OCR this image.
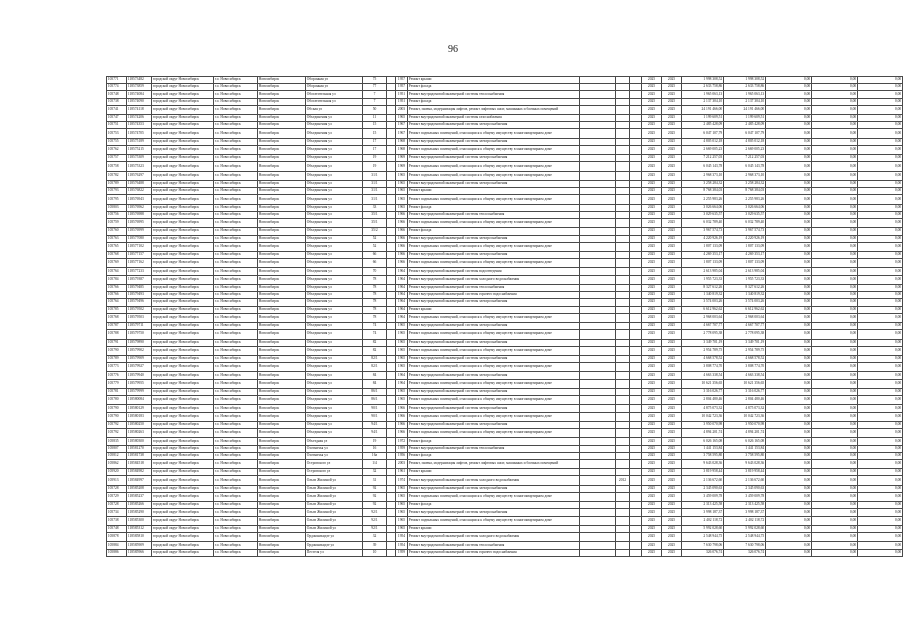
96
105771	118573482	городской округ Новосибирск	г.о. Новосибирск	Новосибирск	Оборонная ул	75		1957	Ремонт крыши				2025	2025	1 998 308,52	1 998 308,52	0,00	0,00	0,00
105774	118573859	городской округ Новосибирск	г.о. Новосибирск	Новосибирск	Оборонная ул	77		1957	Ремонт фасада				2025	2025	2 633 758,86	2 633 758,86	0,00	0,00	0,00
105748	118574084	городской округ Новосибирск	г.о. Новосибирск	Новосибирск	Обогатительная ул	7		1951	Ремонт внутридомовой инженерной системы теплоснабжения				2025	2025	1 965 063,13	1 965 063,13	0,00	0,00	0,00
105738	118574090	городской округ Новосибирск	г.о. Новосибирск	Новосибирск	Обогатительная ул	7		1951	Ремонт фасада				2025	2025	2 137 304,10	2 137 304,10	0,00	0,00	0,00
105741	118574118	городской округ Новосибирск	г.о. Новосибирск	Новосибирск	Обская ул	50		2003	Ремонт, замена, модернизация лифтов, ремонт лифтовых шахт, машинных и блочных помещений				2025	2025	24 191 466,00	24 191 466,00	0,00	0,00	0,00
105747	118574206	городской округ Новосибирск	г.о. Новосибирск	Новосибирск	Объединения ул	11		1965	Ремонт внутридомовой инженерной системы газоснабжения				2025	2025	1 199 609,51	1 199 609,51	0,00	0,00	0,00
105751	118574353	городской округ Новосибирск	г.о. Новосибирск	Новосибирск	Объединения ул	15		1967	Ремонт внутридомовой инженерной системы электроснабжения				2025	2025	2 485 428,09	2 485 428,09	0,00	0,00	0,00
105753	118574705	городской округ Новосибирск	г.о. Новосибирск	Новосибирск	Объединения ул	15		1967	Ремонт подвальных помещений, относящихся к общему имуществу в многоквартирном доме				2025	2025	6 047 107,79	6 047 107,79	0,00	0,00	0,00
105755	118575189	городской округ Новосибирск	г.о. Новосибирск	Новосибирск	Объединения ул	17		1968	Ремонт внутридомовой инженерной системы электроснабжения				2025	2025	4 805 012,18	4 805 012,18	0,00	0,00	0,00
105762	118575215	городской округ Новосибирск	г.о. Новосибирск	Новосибирск	Объединения ул	17		1968	Ремонт подвальных помещений, относящихся к общему имуществу в многоквартирном доме				2025	2025	2 669 005,23	2 669 005,23	0,00	0,00	0,00
105757	118575309	городской округ Новосибирск	г.о. Новосибирск	Новосибирск	Объединения ул	19		1969	Ремонт внутридомовой инженерной системы электроснабжения				2025	2025	7 212 257,03	7 212 257,03	0,00	0,00	0,00
105758	118575323	городской округ Новосибирск	г.о. Новосибирск	Новосибирск	Объединения ул	19		1969	Ремонт подвальных помещений, относящихся к общему имуществу в многоквартирном доме				2025	2025	6 045 143,78	6 045 143,78	0,00	0,00	0,00
105782	118576297	городской округ Новосибирск	г.о. Новосибирск	Новосибирск	Объединения ул	31/1		1965	Ремонт подвальных помещений, относящихся к общему имуществу в многоквартирном доме				2025	2025	2 968 373,10	2 968 373,10	0,00	0,00	0,00
105789	118576488	городской округ Новосибирск	г.о. Новосибирск	Новосибирск	Объединения ул	31/1		1965	Ремонт внутридомовой инженерной системы электроснабжения				2025	2025	3 258 284,32	3 258 284,32	0,00	0,00	0,00
105793	118576822	городской округ Новосибирск	г.о. Новосибирск	Новосибирск	Объединения ул	31/1		1965	Ремонт крыши				2025	2025	8 768 384,03	8 768 384,03	0,00	0,00	0,00
105795	118576943	городской округ Новосибирск	г.о. Новосибирск	Новосибирск	Объединения ул	31/1		1965	Ремонт подвальных помещений, относящихся к общему имуществу в многоквартирном доме				2025	2025	2 255 983,26	2 255 983,26	0,00	0,00	0,00
105803	118576962	городской округ Новосибирск	г.о. Новосибирск	Новосибирск	Объединения ул	33		1965	Ремонт фасада				2025	2025	3 026 664,06	3 026 664,06	0,00	0,00	0,00
105756	118576988	городской округ Новосибирск	г.о. Новосибирск	Новосибирск	Объединения ул	35/1		1966	Ремонт внутридомовой инженерной системы теплоснабжения				2025	2025	3 029 635,57	3 029 635,57	0,00	0,00	0,00
105759	118576995	городской округ Новосибирск	г.о. Новосибирск	Новосибирск	Объединения ул	35/1		1966	Ремонт подвальных помещений, относящихся к общему имуществу в многоквартирном доме				2025	2025	6 032 789,40	6 032 789,40	0,00	0,00	0,00
105760	118576999	городской округ Новосибирск	г.о. Новосибирск	Новосибирск	Объединения ул	35/2		1966	Ремонт фасада				2025	2025	3 967 574,73	3 967 574,73	0,00	0,00	0,00
105763	118577080	городской округ Новосибирск	г.о. Новосибирск	Новосибирск	Объединения ул	52		1966	Ремонт внутридомовой инженерной системы электроснабжения				2025	2025	4 220 926,19	4 220 926,19	0,00	0,00	0,00
105765	118577102	городской округ Новосибирск	г.о. Новосибирск	Новосибирск	Объединения ул	52		1966	Ремонт подвальных помещений, относящихся к общему имуществу в многоквартирном доме				2025	2025	1 807 133,09	1 807 133,09	0,00	0,00	0,00
105768	118577157	городской округ Новосибирск	г.о. Новосибирск	Новосибирск	Объединения ул	66		1966	Ремонт внутридомовой инженерной системы электроснабжения				2025	2025	4 269 353,17	4 269 353,17	0,00	0,00	0,00
105769	118577162	городской округ Новосибирск	г.о. Новосибирск	Новосибирск	Объединения ул	66		1966	Ремонт подвальных помещений, относящихся к общему имуществу в многоквартирном доме				2025	2025	1 807 133,09	1 807 133,09	0,00	0,00	0,00
105764	118577233	городской округ Новосибирск	г.о. Новосибирск	Новосибирск	Объединения ул	70		1964	Ремонт внутридомовой инженерной системы водоотведения				2025	2025	2 613 985,04	2 613 985,04	0,00	0,00	0,00
105784	118579387	городской округ Новосибирск	г.о. Новосибирск	Новосибирск	Объединения ул	78		1964	Ремонт внутридомовой инженерной системы холодного водоснабжения				2025	2025	1 955 723,33	1 955 723,33	0,00	0,00	0,00
105766	118579485	городской округ Новосибирск	г.о. Новосибирск	Новосибирск	Объединения ул	78		1964	Ремонт внутридомовой инженерной системы теплоснабжения				2025	2025	8 327 612,26	8 327 612,26	0,00	0,00	0,00
105766	118579493	городской округ Новосибирск	г.о. Новосибирск	Новосибирск	Объединения ул	78		1964	Ремонт внутридомовой инженерной системы горячего водоснабжения				2025	2025	1 340 819,32	1 340 819,32	0,00	0,00	0,00
105764	118579496	городской округ Новосибирск	г.о. Новосибирск	Новосибирск	Объединения ул	78		1964	Ремонт внутридомовой инженерной системы электроснабжения				2025	2025	3 574 003,26	3 574 003,26	0,00	0,00	0,00
105785	118579502	городской округ Новосибирск	г.о. Новосибирск	Новосибирск	Объединения ул	78		1964	Ремонт крыши				2025	2025	6 612 962,62	6 612 962,62	0,00	0,00	0,00
105768	118579503	городской округ Новосибирск	г.о. Новосибирск	Новосибирск	Объединения ул	78		1964	Ремонт подвальных помещений, относящихся к общему имуществу в многоквартирном доме				2025	2025	2 968 003,64	2 968 003,64	0,00	0,00	0,00
105787	118579711	городской округ Новосибирск	г.о. Новосибирск	Новосибирск	Объединения ул	74		1965	Ремонт внутридомовой инженерной системы электроснабжения				2025	2025	4 667 707,77	4 667 707,77	0,00	0,00	0,00
105788	118579750	городской округ Новосибирск	г.о. Новосибирск	Новосибирск	Объединения ул	74		1965	Ремонт подвальных помещений, относящихся к общему имуществу в многоквартирном доме				2025	2025	2 778 095,38	2 778 095,38	0,00	0,00	0,00
105791	118579890	городской округ Новосибирск	г.о. Новосибирск	Новосибирск	Объединения ул	82		1965	Ремонт внутридомовой инженерной системы электроснабжения				2025	2025	3 349 701,19	3 349 701,19	0,00	0,00	0,00
105790	118579902	городской округ Новосибирск	г.о. Новосибирск	Новосибирск	Объединения ул	82		1965	Ремонт подвальных помещений, относящихся к общему имуществу в многоквартирном доме				2025	2025	2 954 789,75	2 954 789,75	0,00	0,00	0,00
105789	118579909	городской округ Новосибирск	г.о. Новосибирск	Новосибирск	Объединения ул	82/1		1965	Ремонт внутридомовой инженерной системы электроснабжения				2025	2025	4 668 578,52	4 668 578,52	0,00	0,00	0,00
105773	118579927	городской округ Новосибирск	г.о. Новосибирск	Новосибирск	Объединения ул	82/1		1965	Ремонт подвальных помещений, относящихся к общему имуществу в многоквартирном доме				2025	2025	3 808 774,70	3 808 774,70	0,00	0,00	0,00
105776	118579940	городской округ Новосибирск	г.о. Новосибирск	Новосибирск	Объединения ул	84		1964	Ремонт внутридомовой инженерной системы электроснабжения				2025	2025	4 663 338,54	4 663 338,54	0,00	0,00	0,00
105779	118579955	городской округ Новосибирск	г.о. Новосибирск	Новосибирск	Объединения ул	84		1964	Ремонт подвальных помещений, относящихся к общему имуществу в многоквартирном доме				2025	2025	10 621 356,65	10 621 356,65	0,00	0,00	0,00
105781	118579999	городской округ Новосибирск	г.о. Новосибирск	Новосибирск	Объединения ул	86/1		1965	Ремонт внутридомовой инженерной системы электроснабжения				2025	2025	3 316 026,77	3 316 026,77	0,00	0,00	0,00
105780	118580084	городской округ Новосибирск	г.о. Новосибирск	Новосибирск	Объединения ул	86/1		1965	Ремонт подвальных помещений, относящихся к общему имуществу в многоквартирном доме				2025	2025	2 804 480,46	2 804 480,46	0,00	0,00	0,00
105790	118580129	городской округ Новосибирск	г.о. Новосибирск	Новосибирск	Объединения ул	90/1		1966	Ремонт внутридомовой инженерной системы электроснабжения				2025	2025	4 875 073,32	4 875 073,32	0,00	0,00	0,00
105790	118580183	городской округ Новосибирск	г.о. Новосибирск	Новосибирск	Объединения ул	90/1		1966	Ремонт подвальных помещений, относящихся к общему имуществу в многоквартирном доме				2025	2025	10 042 723,36	10 042 723,36	0,00	0,00	0,00
105792	118580250	городской округ Новосибирск	г.о. Новосибирск	Новосибирск	Объединения ул	94/1		1966	Ремонт внутридомовой инженерной системы электроснабжения				2025	2025	3 950 070,98	3 950 070,98	0,00	0,00	0,00
105792	118580263	городской округ Новосибирск	г.о. Новосибирск	Новосибирск	Объединения ул	94/1		1966	Ремонт подвальных помещений, относящихся к общему имуществу в многоквартирном доме				2025	2025	4 894 201,74	4 894 201,74	0,00	0,00	0,00
105835	118580300	городской округ Новосибирск	г.о. Новосибирск	Новосибирск	Объездная ул	19		1972	Ремонт фасада				2025	2025	6 026 165,08	6 026 165,08	0,00	0,00	0,00
105807	118581270	городской округ Новосибирск	г.о. Новосибирск	Новосибирск	Охотничья ул	16		1959	Ремонт внутридомовой инженерной системы теплоснабжения				2025	2025	1 441 153,84	1 441 153,84	0,00	0,00	0,00
105812	118581738	городской округ Новосибирск	г.о. Новосибирск	Новосибирск	Охотничья ул	16а		1956	Ремонт фасада				2025	2025	3 758 595,80	3 758 595,80	0,00	0,00	0,00
105862	118584518	городской округ Новосибирск	г.о. Новосибирск	Новосибирск	Островского ул	1/4		2003	Ремонт, замена, модернизация лифтов, ремонт лифтовых шахт, машинных и блочных помещений				2025	2025	9 643 028,36	9 643 028,36	0,00	0,00	0,00
105920	118584982	городской округ Новосибирск	г.о. Новосибирск	Новосибирск	Островского ул	32		1961	Ремонт крыши				2025	2025	3 819 958,44	3 819 958,44	0,00	0,00	0,00
105913	118584997	городской округ Новосибирск	г.о. Новосибирск	Новосибирск	Ольги Жилиной ул	31		1974	Ремонт внутридомовой инженерной системы холодного водоснабжения		2012		2025	2025	2 136 672,60	2 136 672,60	0,00	0,00	0,00
105728	118585208	городской округ Новосибирск	г.о. Новосибирск	Новосибирск	Ольги Жилиной ул	92		1965	Ремонт внутридомовой инженерной системы электроснабжения				2025	2025	2 345 090,63	2 345 090,63	0,00	0,00	0,00
105729	118585237	городской округ Новосибирск	г.о. Новосибирск	Новосибирск	Ольги Жилиной ул	92		1965	Ремонт подвальных помещений, относящихся к общему имуществу в многоквартирном доме				2025	2025	3 459 009,78	3 459 009,78	0,00	0,00	0,00
105728	118585266	городской округ Новосибирск	г.о. Новосибирск	Новосибирск	Ольги Жилиной ул	92		1965	Ремонт фасада				2025	2025	2 313 425,58	2 313 425,58	0,00	0,00	0,00
105734	118585290	городской округ Новосибирск	г.о. Новосибирск	Новосибирск	Ольги Жилиной ул	92/1		1965	Ремонт внутридомовой инженерной системы электроснабжения				2025	2025	3 998 187,37	3 998 187,37	0,00	0,00	0,00
105738	118585300	городской округ Новосибирск	г.о. Новосибирск	Новосибирск	Ольги Жилиной ул	92/1		1965	Ремонт подвальных помещений, относящихся к общему имуществу в многоквартирном доме				2025	2025	2 402 118,72	2 402 118,72	0,00	0,00	0,00
105748	118585312	городской округ Новосибирск	г.о. Новосибирск	Новосибирск	Ольги Жилиной ул	92/1		1965	Ремонт крыши				2025	2025	5 992 028,60	5 992 028,60	0,00	0,00	0,00
105878	118585810	городской округ Новосибирск	г.о. Новосибирск	Новосибирск	Орджоникидзе ул	32		1954	Ремонт внутридомовой инженерной системы холодного водоснабжения				2025	2025	2 548 944,75	2 548 944,75	0,00	0,00	0,00
105884	118585909	городской округ Новосибирск	г.о. Новосибирск	Новосибирск	Орджоникидзе ул	39		1954	Ремонт внутридомовой инженерной системы теплоснабжения				2025	2025	7 630 798,06	7 630 798,06	0,00	0,00	0,00
105886	118585966	городской округ Новосибирск	г.о. Новосибирск	Новосибирск	Пестеля ул	10		1959	Ремонт внутридомовой инженерной системы горячего водоснабжения				2025	2025	326 076,74	326 076,74	0,00	0,00	0,00
